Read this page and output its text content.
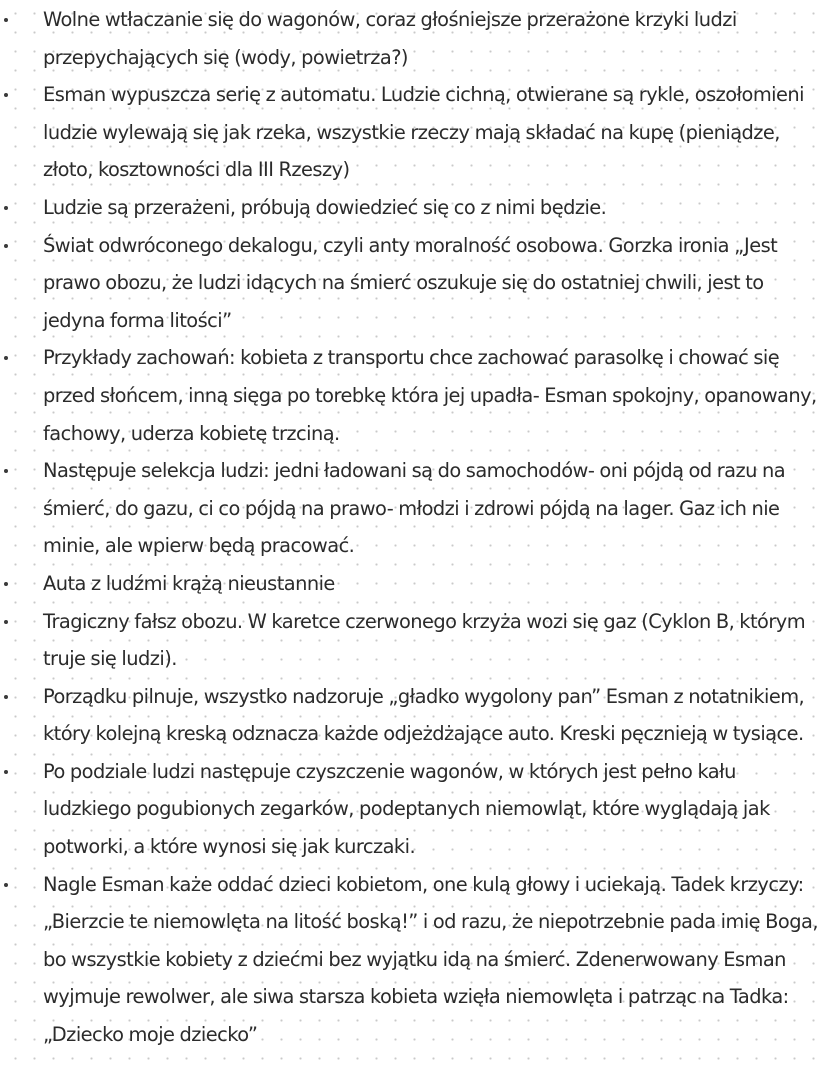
Wolne wtłaczanie się do wagonów, coraz głośniejsze przerażone krzyki ludzi przepychających się (wody, powietrza?)
Esman wypuszcza serię z automatu. Ludzie cichną, otwierane są rykle, oszołomieni ludzie wylewają się jak rzeka, wszystkie rzeczy mają składać na kupę (pieniądze, złoto, kosztowności dla III Rzeszy)
Ludzie są przerażeni, próbują dowiedzieć się co z nimi będzie.
Świat odwróconego dekalogu, czyli anty moralność osobowa. Gorzka ironia „Jest prawo obozu, że ludzi idących na śmierć oszukuje się do ostatniej chwili, jest to jedyna forma litości”
Przykłady zachowań: kobieta z transportu chce zachować parasolkę i chować się przed słońcem, inną sięga po torebkę która jej upadła- Esman spokojny, opanowany, fachowy, uderza kobietę trzciną.
Następuje selekcja ludzi: jedni ładowani są do samochodów- oni pójdą od razu na śmierć, do gazu, ci co pójdą na prawo- młodzi i zdrowi pójdą na lager. Gaz ich nie minie, ale wpierw będą pracować.
Auta z ludźmi krążą nieustannie
Tragiczny fałsz obozu. W karetce czerwonego krzyża wozi się gaz (Cyklon B, którym truje się ludzi).
Porządku pilnuje, wszystko nadzoruje „gładko wygolony pan” Esman z notatnikiem, który kolejną kreską odznacza każde odjeżdżające auto. Kreski pęcznieją w tysiące.
Po podziale ludzi następuje czyszczenie wagonów, w których jest pełno kału ludzkiego pogubionych zegarków, podeptanych niemowląt, które wyglądają jak potworki, a które wynosi się jak kurczaki.
Nagle Esman każe oddać dzieci kobietom, one kulą głowy i uciekają. Tadek krzyczy: „Bierzcie te niemowlęta na litość boską!” i od razu, że niepotrzebnie pada imię Boga, bo wszystkie kobiety z dziećmi bez wyjątku idą na śmierć. Zdenerwowany Esman wyjmuje rewolwer, ale siwa starsza kobieta wzięła niemowlęta i patrząc na Tadka: „Dziecko moje dziecko”
